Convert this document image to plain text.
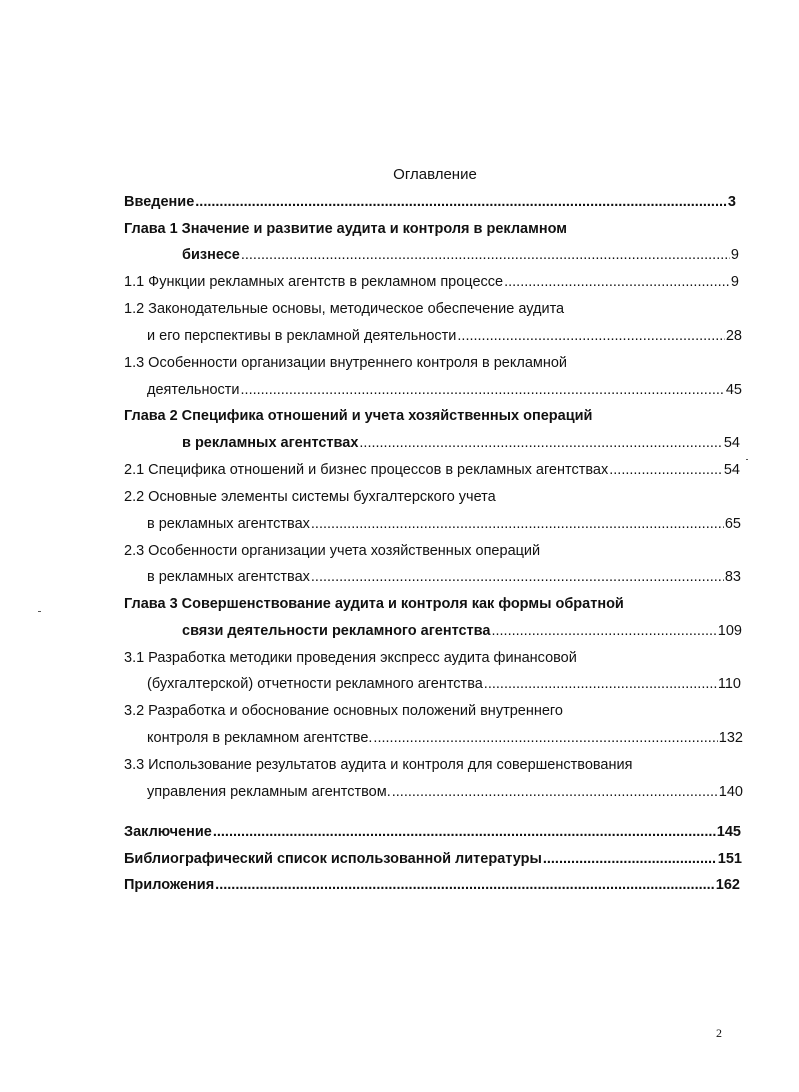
Оглавление
Введение .....	3
Глава 1 Значение и развитие аудита и контроля в рекламном
бизнесе .....	9
1.1 Функции рекламных агентств в рекламном процессе .....	9
1.2 Законодательные основы, методическое обеспечение аудита
и его перспективы в рекламной деятельности .....	28
1.3 Особенности организации внутреннего контроля в рекламной
деятельности .....	45
Глава 2 Специфика отношений и учета хозяйственных операций
в рекламных агентствах .....	54
2.1 Специфика отношений и бизнес процессов в рекламных агентствах .....	54
2.2 Основные элементы системы бухгалтерского учета
в рекламных агентствах .....	65
2.3 Особенности организации учета хозяйственных операций
в рекламных агентствах .....	83
Глава 3 Совершенствование аудита и контроля как формы обратной
связи деятельности рекламного агентства .....	109
3.1 Разработка методики проведения экспресс аудита финансовой
(бухгалтерской) отчетности рекламного агентства .....	110
3.2 Разработка и обоснование основных положений внутреннего
контроля в рекламном агентстве. .....	132
3.3 Использование результатов аудита и контроля для совершенствования
управления рекламным агентством. .....	140
Заключение .....	145
Библиографический список использованной литературы .....	151
Приложения .....	162
2
